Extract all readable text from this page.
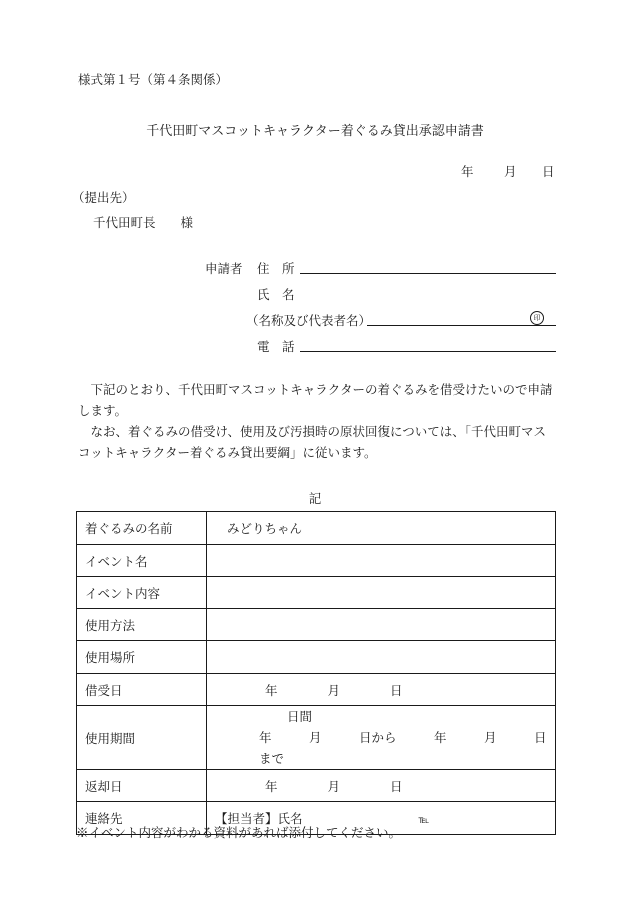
様式第１号（第４条関係）
千代田町マスコットキャラクター着ぐるみ貸出承認申請書
年 月 日
（提出先）
千代田町長　　様
申請者 住　所
氏　名
（名称及び代表者名）	印
電　話
　下記のとおり、千代田町マスコットキャラクターの着ぐるみを借受けたいので申請します。
　なお、着ぐるみの借受け、使用及び汚損時の原状回復については、「千代田町マスコットキャラクター着ぐるみ貸出要綱」に従います。
記
着ぐるみの名前	みどりちゃん
イベント名	
イベント内容	
使用方法	
使用場所	
借受日	年　　　　月　　　　日
使用期間	日間
年　　　月　　　日から　　　年　　　月　　　日まで

返却日	年　　　　月　　　　日
連絡先	【担当者】氏名 ℡
※イベント内容がわかる資料があれば添付してください。
